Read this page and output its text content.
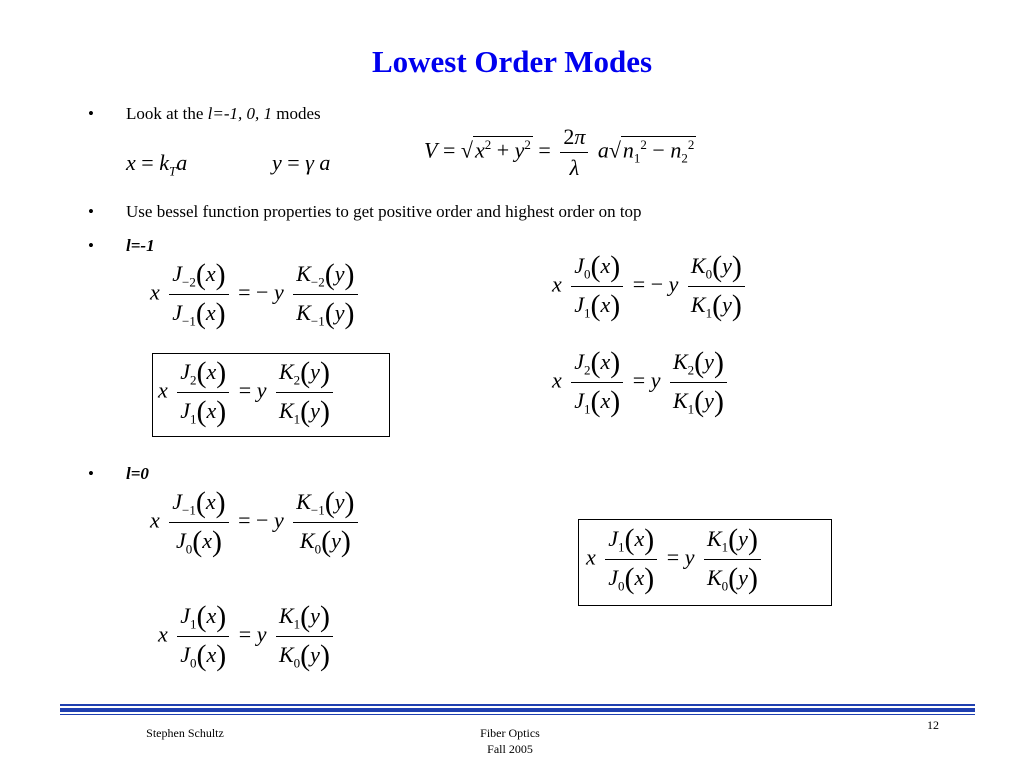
Lowest Order Modes
• Look at the l=-1, 0, 1 modes
$x = k_Ta$	y = γ a	$V = √x^2 + y^2 = \frac{2\pi}{\lambda} a√n_1^2 - n_2^2$
• Use bessel function properties to get positive order and highest order on top
• l=-1
x $\frac{J_{-2}(x)}{J_{-1}(x)}$ = − y $\frac{K_{-2}(y)}{K_{-1}(y)}$	x $\frac{J_0(x)}{J_1(x)}$ = − y $\frac{K_0(y)}{K_1(y)}$
x $\frac{J_2(x)}{J_1(x)} = y \frac{K_2(y)}{K_1(y)}$	x $\frac{J_2(x)}{J_1(x)} = y \frac{K_2(y)}{K_1(y)}$
• l=0
x $\frac{J_{-1}(x)}{J_0(x)}$ = − y $\frac{K_{-1}(y)}{K_0(y)}$	x $\frac{J_1(x)}{J_0(x)} = y \frac{K_1(y)}{K_0(y)}$
x $\frac{J_1(x)}{J_0(x)} = y \frac{K_1(y)}{K_0(y)}$
Stephen Schultz	Fiber Optics
Fall 2005
12
